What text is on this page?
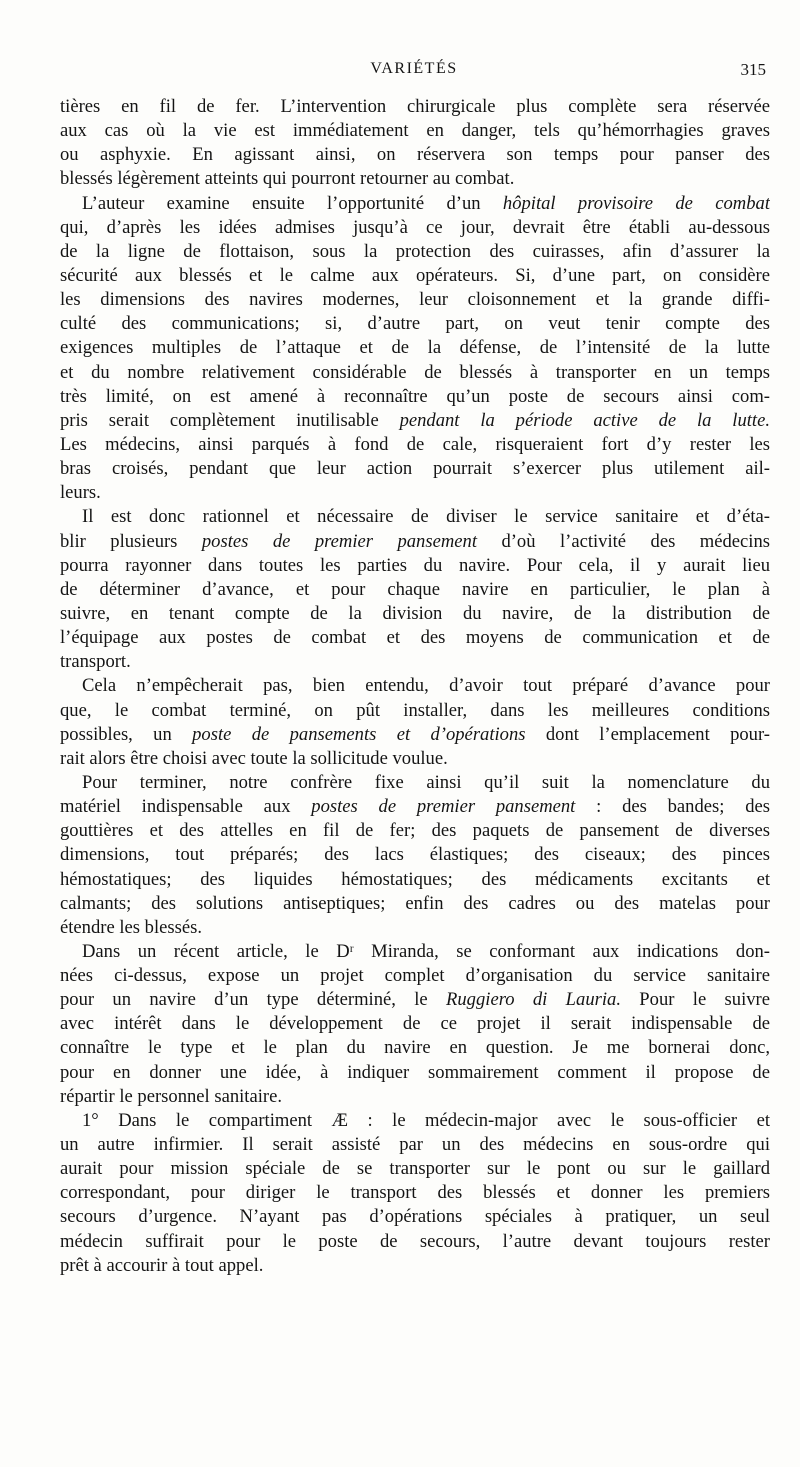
VARIÉTÉS	315
tières en fil de fer. L’intervention chirurgicale plus complète sera réservée
aux cas où la vie est immédiatement en danger, tels qu’hémorrhagies graves
ou asphyxie. En agissant ainsi, on réservera son temps pour panser des
blessés légèrement atteints qui pourront retourner au combat.
L’auteur examine ensuite l’opportunité d’un hôpital provisoire de combat
qui, d’après les idées admises jusqu’à ce jour, devrait être établi au-dessous
de la ligne de flottaison, sous la protection des cuirasses, afin d’assurer la
sécurité aux blessés et le calme aux opérateurs. Si, d’une part, on considère
les dimensions des navires modernes, leur cloisonnement et la grande diffi-
culté des communications; si, d’autre part, on veut tenir compte des
exigences multiples de l’attaque et de la défense, de l’intensité de la lutte
et du nombre relativement considérable de blessés à transporter en un temps
très limité, on est amené à reconnaître qu’un poste de secours ainsi com-
pris serait complètement inutilisable pendant la période active de la lutte.
Les médecins, ainsi parqués à fond de cale, risqueraient fort d’y rester les
bras croisés, pendant que leur action pourrait s’exercer plus utilement ail-
leurs.
Il est donc rationnel et nécessaire de diviser le service sanitaire et d’éta-
blir plusieurs postes de premier pansement d’où l’activité des médecins
pourra rayonner dans toutes les parties du navire. Pour cela, il y aurait lieu
de déterminer d’avance, et pour chaque navire en particulier, le plan à
suivre, en tenant compte de la division du navire, de la distribution de
l’équipage aux postes de combat et des moyens de communication et de
transport.
Cela n’empêcherait pas, bien entendu, d’avoir tout préparé d’avance pour
que, le combat terminé, on pût installer, dans les meilleures conditions
possibles, un poste de pansements et d’opérations dont l’emplacement pour-
rait alors être choisi avec toute la sollicitude voulue.
Pour terminer, notre confrère fixe ainsi qu’il suit la nomenclature du
matériel indispensable aux postes de premier pansement : des bandes; des
gouttières et des attelles en fil de fer; des paquets de pansement de diverses
dimensions, tout préparés; des lacs élastiques; des ciseaux; des pinces
hémostatiques; des liquides hémostatiques; des médicaments excitants et
calmants; des solutions antiseptiques; enfin des cadres ou des matelas pour
étendre les blessés.
Dans un récent article, le Dʳ Miranda, se conformant aux indications don-
nées ci-dessus, expose un projet complet d’organisation du service sanitaire
pour un navire d’un type déterminé, le Ruggiero di Lauria. Pour le suivre
avec intérêt dans le développement de ce projet il serait indispensable de
connaître le type et le plan du navire en question. Je me bornerai donc,
pour en donner une idée, à indiquer sommairement comment il propose de
répartir le personnel sanitaire.
1° Dans le compartiment Æ : le médecin-major avec le sous-officier et
un autre infirmier. Il serait assisté par un des médecins en sous-ordre qui
aurait pour mission spéciale de se transporter sur le pont ou sur le gaillard
correspondant, pour diriger le transport des blessés et donner les premiers
secours d’urgence. N’ayant pas d’opérations spéciales à pratiquer, un seul
médecin suffirait pour le poste de secours, l’autre devant toujours rester
prêt à accourir à tout appel.
